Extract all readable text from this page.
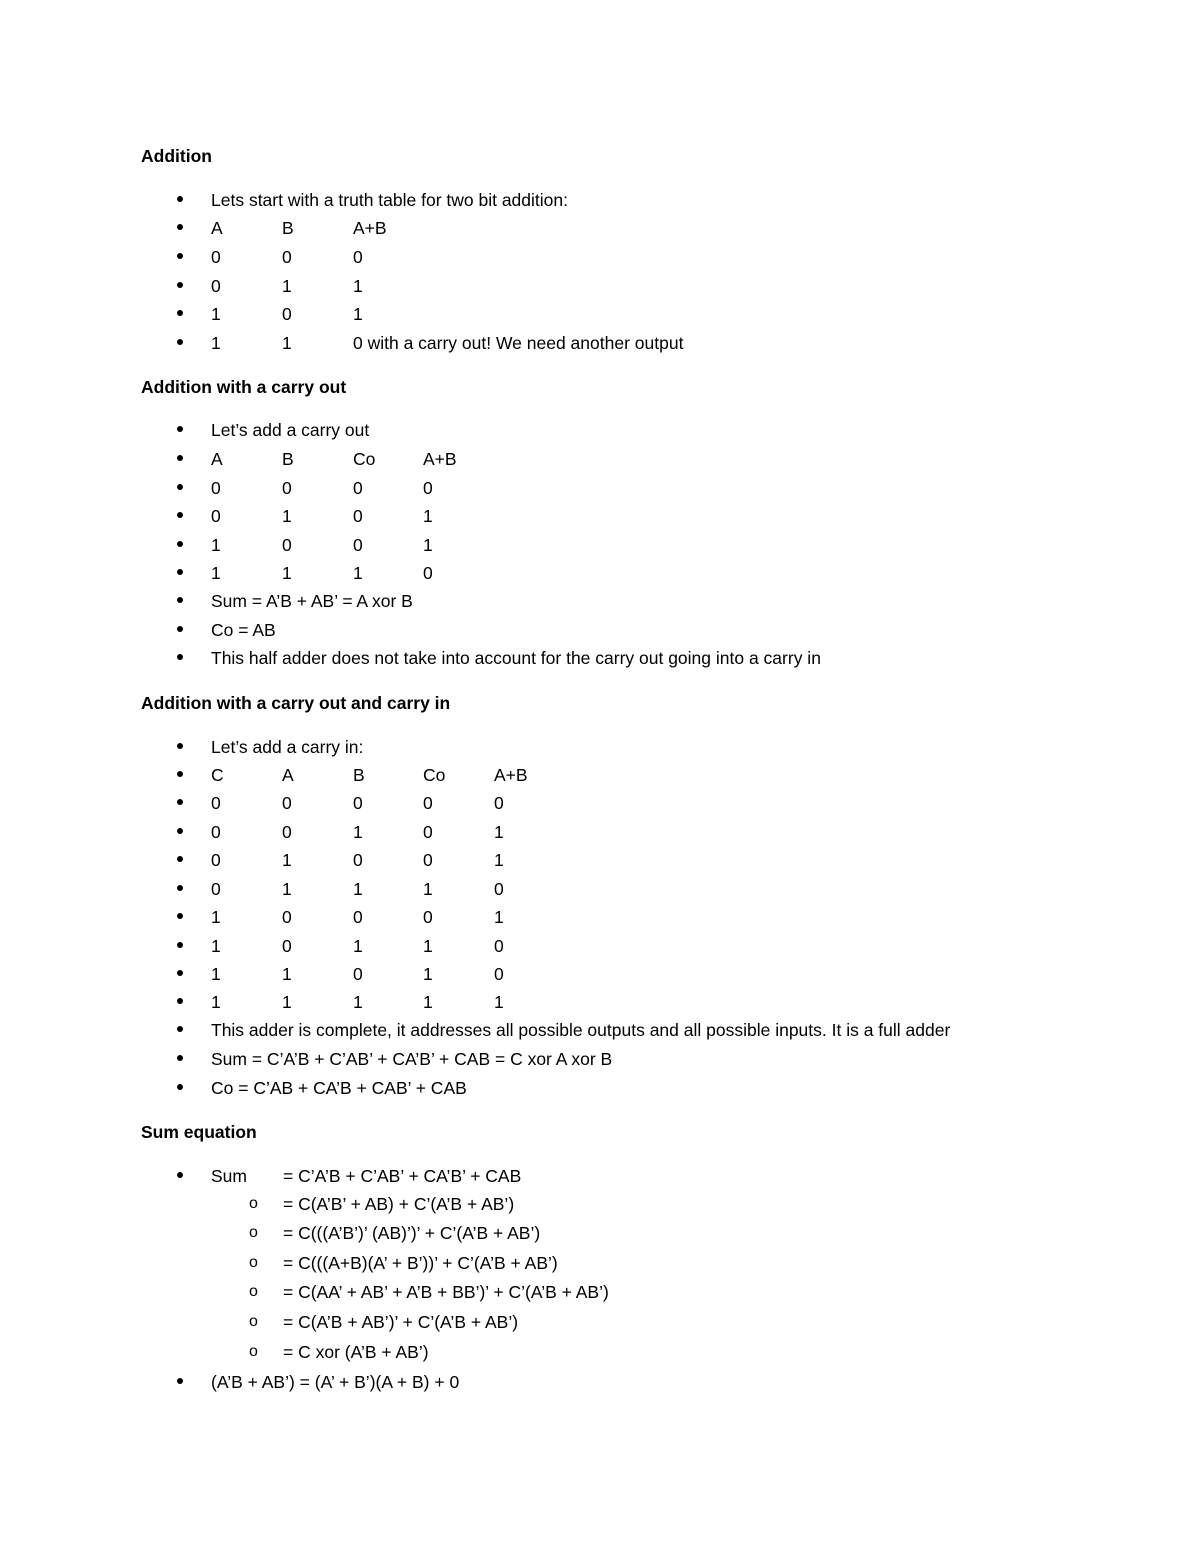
Addition
Lets start with a truth table for two bit addition:
A	B	A+B
0	0	0
0	1	1
1	0	1
1	1	0 with a carry out! We need another output
Addition with a carry out
Let’s add a carry out
A	B	Co	A+B
0	0	0	0
0	1	0	1
1	0	0	1
1	1	1	0
Sum = A’B + AB’ = A xor B
Co = AB
This half adder does not take into account for the carry out going into a carry in
Addition with a carry out and carry in
Let’s add a carry in:
C	A	B	Co	A+B
0	0	0	0	0
0	0	1	0	1
0	1	0	0	1
0	1	1	1	0
1	0	0	0	1
1	0	1	1	0
1	1	0	1	0
1	1	1	1	1
This adder is complete, it addresses all possible outputs and all possible inputs. It is a full adder
Sum = C’A’B + C’AB’ + CA’B’ + CAB = C xor A xor B
Co = C’AB + CA’B + CAB’ + CAB
Sum equation
Sum = C’A’B + C’AB’ + CA’B’ + CAB
o = C(A’B’ + AB) + C’(A’B + AB’)
o = C(((A’B’)’ (AB)’)’ + C’(A’B + AB’)
o = C(((A+B)(A’ + B’))’ + C’(A’B + AB’)
o = C(AA’ + AB’ + A’B + BB’)’ + C’(A’B + AB’)
o = C(A’B + AB’)’ + C’(A’B + AB’)
o = C xor (A’B + AB’)
(A’B + AB’) = (A’ + B’)(A + B) + 0
